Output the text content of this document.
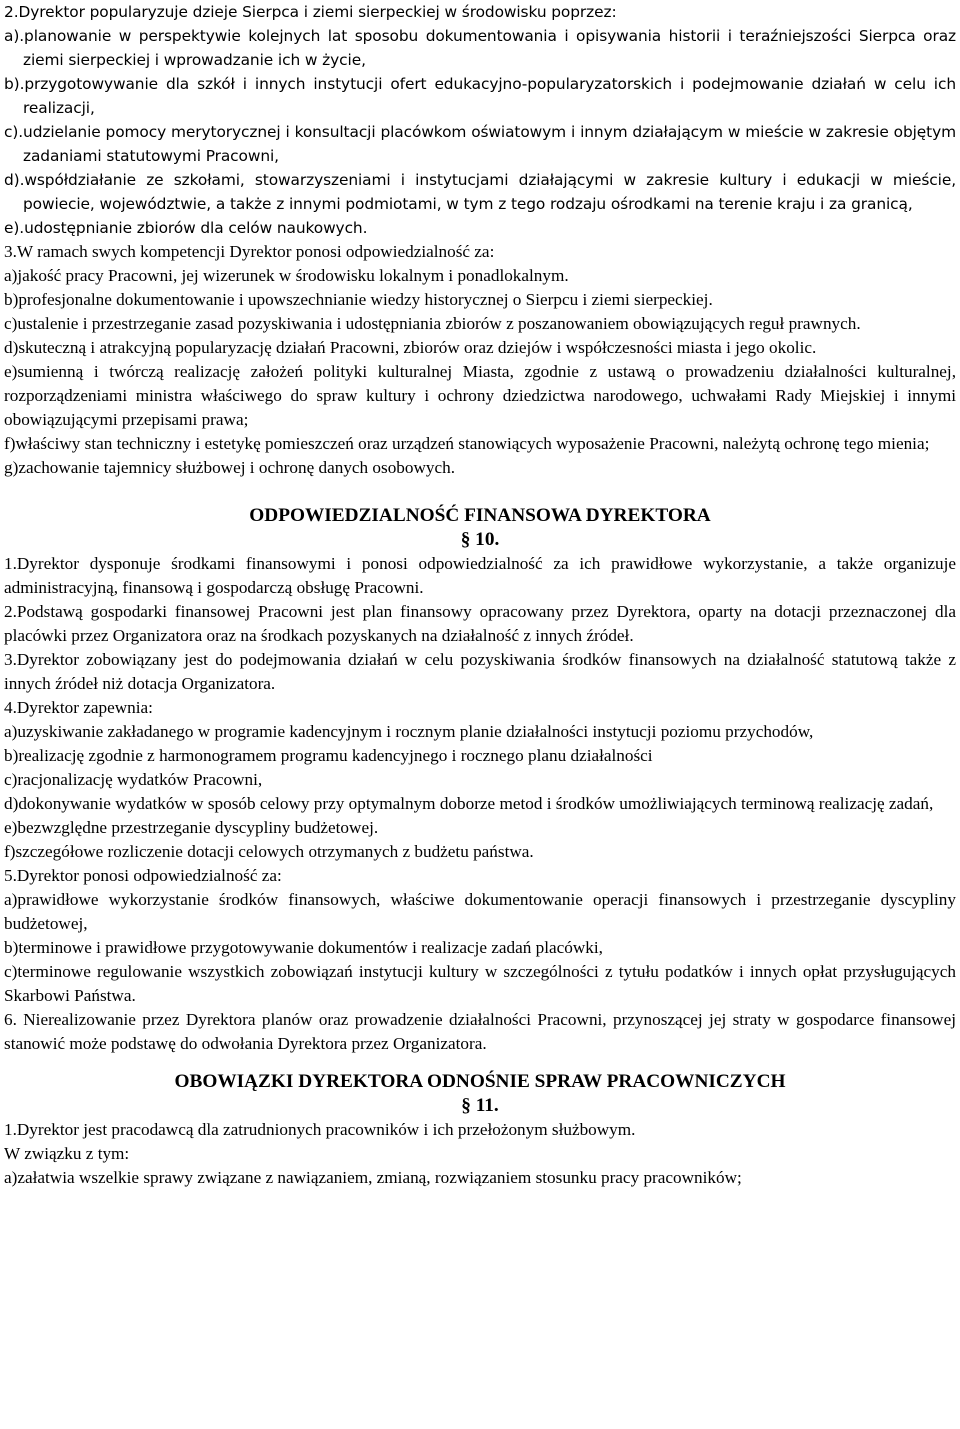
2.Dyrektor popularyzuje dzieje Sierpca i ziemi sierpeckiej w środowisku poprzez:

a).planowanie w perspektywie kolejnych lat sposobu dokumentowania i opisywania historii i teraźniejszości Sierpca oraz ziemi sierpeckiej i wprowadzanie ich w życie,

b).przygotowywanie dla szkół i innych instytucji ofert edukacyjno-popularyzatorskich i podejmowanie działań w celu ich realizacji,

c).udzielanie pomocy merytorycznej i konsultacji placówkom oświatowym i innym działającym w mieście w zakresie objętym zadaniami statutowymi Pracowni,

d).współdziałanie ze szkołami, stowarzyszeniami i instytucjami działającymi w zakresie kultury i edukacji w mieście, powiecie, województwie, a także z innymi podmiotami, w tym z tego rodzaju ośrodkami na terenie kraju i za granicą,

e).udostępnianie zbiorów dla celów naukowych.

3.W ramach swych kompetencji Dyrektor ponosi odpowiedzialność za:

a)jakość pracy Pracowni, jej wizerunek w środowisku lokalnym i ponadlokalnym.

b)profesjonalne dokumentowanie i upowszechnianie wiedzy historycznej o Sierpcu i ziemi sierpeckiej.

c)ustalenie i przestrzeganie zasad pozyskiwania i udostępniania zbiorów z poszanowaniem obowiązujących reguł prawnych.

d)skuteczną i atrakcyjną popularyzację działań Pracowni, zbiorów oraz dziejów i współczesności miasta i jego okolic.

e)sumienną i twórczą realizację założeń polityki kulturalnej Miasta, zgodnie z ustawą o prowadzeniu działalności kulturalnej, rozporządzeniami ministra właściwego do spraw kultury i ochrony dziedzictwa narodowego, uchwałami Rady Miejskiej i innymi obowiązującymi przepisami prawa;

f)właściwy stan techniczny i estetykę pomieszczeń oraz urządzeń stanowiących wyposażenie Pracowni, należytą ochronę tego mienia;

g)zachowanie tajemnicy służbowej i ochronę danych osobowych.

ODPOWIEDZIALNOŚĆ FINANSOWA DYREKTORA

§ 10.

1.Dyrektor dysponuje środkami finansowymi i ponosi odpowiedzialność za ich prawidłowe wykorzystanie, a także organizuje administracyjną, finansową i gospodarczą obsługę Pracowni.

2.Podstawą gospodarki finansowej Pracowni jest plan finansowy opracowany przez Dyrektora, oparty na dotacji przeznaczonej dla placówki przez Organizatora oraz na środkach pozyskanych na działalność z innych źródeł.

3.Dyrektor zobowiązany jest do podejmowania działań w celu pozyskiwania środków finansowych na działalność statutową także z innych źródeł niż dotacja Organizatora.

4.Dyrektor zapewnia:

a)uzyskiwanie zakładanego w programie kadencyjnym i rocznym planie działalności instytucji poziomu przychodów,

b)realizację zgodnie z harmonogramem programu kadencyjnego i rocznego planu działalności

c)racjonalizację wydatków Pracowni,

d)dokonywanie wydatków w sposób celowy przy optymalnym doborze metod i środków umożliwiających terminową realizację zadań,

e)bezwzględne przestrzeganie dyscypliny budżetowej.

f)szczegółowe rozliczenie dotacji celowych otrzymanych z budżetu państwa.

5.Dyrektor ponosi odpowiedzialność za:

a)prawidłowe wykorzystanie środków finansowych, właściwe dokumentowanie operacji finansowych i przestrzeganie dyscypliny budżetowej,

b)terminowe i prawidłowe przygotowywanie dokumentów i realizacje zadań placówki,

c)terminowe regulowanie wszystkich zobowiązań instytucji kultury w szczególności z tytułu podatków i innych opłat przysługujących Skarbowi Państwa.

6. Nierealizowanie przez Dyrektora planów oraz prowadzenie działalności Pracowni, przynoszącej jej straty w gospodarce finansowej stanowić może podstawę do odwołania Dyrektora przez Organizatora.

OBOWIĄZKI DYREKTORA ODNOŚNIE SPRAW PRACOWNICZYCH

§ 11.

1.Dyrektor jest pracodawcą dla zatrudnionych pracowników i ich przełożonym służbowym.

W związku z tym:

a)załatwia wszelkie sprawy związane z nawiązaniem, zmianą, rozwiązaniem stosunku pracy pracowników;
